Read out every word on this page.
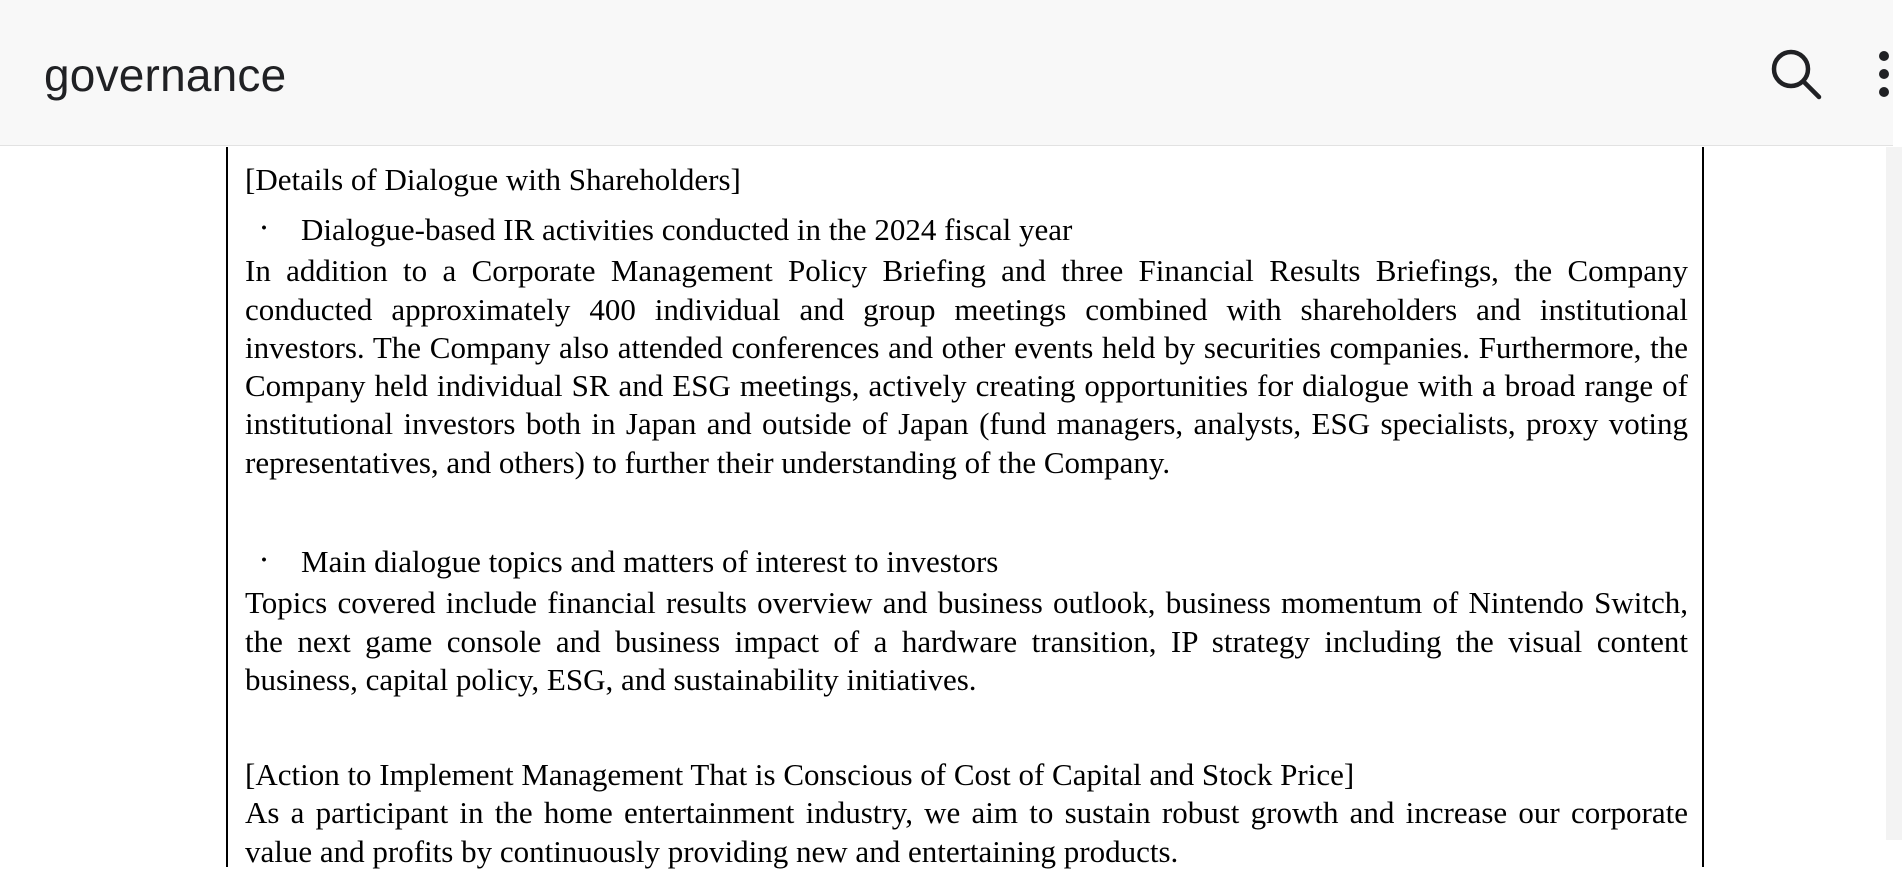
governance

[Details of Dialogue with Shareholders]

・ Dialogue-based IR activities conducted in the 2024 fiscal year

In addition to a Corporate Management Policy Briefing and three Financial Results Briefings, the Company conducted approximately 400 individual and group meetings combined with shareholders and institutional investors. The Company also attended conferences and other events held by securities companies. Furthermore, the Company held individual SR and ESG meetings, actively creating opportunities for dialogue with a broad range of institutional investors both in Japan and outside of Japan (fund managers, analysts, ESG specialists, proxy voting representatives, and others) to further their understanding of the Company.

・ Main dialogue topics and matters of interest to investors

Topics covered include financial results overview and business outlook, business momentum of Nintendo Switch, the next game console and business impact of a hardware transition, IP strategy including the visual content business, capital policy, ESG, and sustainability initiatives.

[Action to Implement Management That is Conscious of Cost of Capital and Stock Price]

As a participant in the home entertainment industry, we aim to sustain robust growth and increase our corporate value and profits by continuously providing new and entertaining products.
